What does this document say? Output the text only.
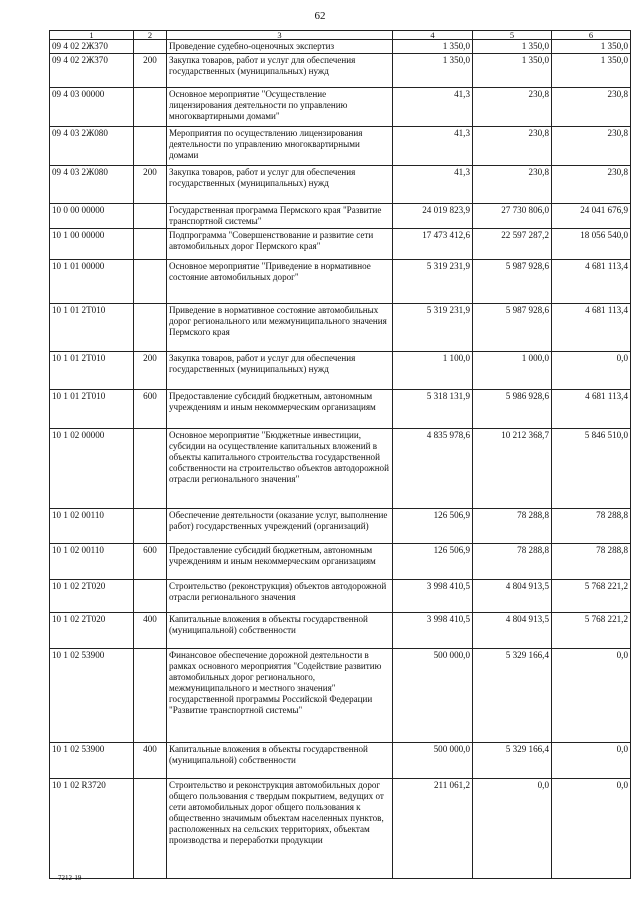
62
1	2	3	4	5	6
09 4 02 2Ж370		Проведение судебно-оценочных экспертиз	1 350,0	1 350,0	1 350,0
09 4 02 2Ж370	200	Закупка товаров, работ и услуг для обеспечения государственных (муниципальных) нужд	1 350,0	1 350,0	1 350,0
09 4 03 00000		Основное мероприятие "Осуществление лицензирования деятельности по управлению многоквартирными домами"	41,3	230,8	230,8
09 4 03 2Ж080		Мероприятия по осуществлению лицензирования деятельности по управлению многоквартирными домами	41,3	230,8	230,8
09 4 03 2Ж080	200	Закупка товаров, работ и услуг для обеспечения государственных (муниципальных) нужд	41,3	230,8	230,8
10 0 00 00000		Государственная программа Пермского края "Развитие транспортной системы"	24 019 823,9	27 730 806,0	24 041 676,9
10 1 00 00000		Подпрограмма "Совершенствование и развитие сети автомобильных дорог Пермского края"	17 473 412,6	22 597 287,2	18 056 540,0
10 1 01 00000		Основное мероприятие "Приведение в нормативное состояние автомобильных дорог"	5 319 231,9	5 987 928,6	4 681 113,4
10 1 01 2Т010		Приведение в нормативное состояние автомобильных дорог регионального или межмуниципального значения Пермского края	5 319 231,9	5 987 928,6	4 681 113,4
10 1 01 2Т010	200	Закупка товаров, работ и услуг для обеспечения государственных (муниципальных) нужд	1 100,0	1 000,0	0,0
10 1 01 2Т010	600	Предоставление субсидий бюджетным, автономным учреждениям и иным некоммерческим организациям	5 318 131,9	5 986 928,6	4 681 113,4
10 1 02 00000		Основное мероприятие "Бюджетные инвестиции, субсидии на осуществление капитальных вложений в объекты капитального строительства государственной собственности на строительство объектов автодорожной отрасли регионального значения"	4 835 978,6	10 212 368,7	5 846 510,0
10 1 02 00110		Обеспечение деятельности (оказание услуг, выполнение работ) государственных учреждений (организаций)	126 506,9	78 288,8	78 288,8
10 1 02 00110	600	Предоставление субсидий бюджетным, автономным учреждениям и иным некоммерческим организациям	126 506,9	78 288,8	78 288,8
10 1 02 2Т020		Строительство (реконструкция) объектов автодорожной отрасли регионального значения	3 998 410,5	4 804 913,5	5 768 221,2
10 1 02 2Т020	400	Капитальные вложения в объекты государственной (муниципальной) собственности	3 998 410,5	4 804 913,5	5 768 221,2
10 1 02 53900		Финансовое обеспечение дорожной деятельности в рамках основного мероприятия "Содействие развитию автомобильных дорог регионального, межмуниципального и местного значения" государственной программы Российской Федерации "Развитие транспортной системы"	500 000,0	5 329 166,4	0,0
10 1 02 53900	400	Капитальные вложения в объекты государственной (муниципальной) собственности	500 000,0	5 329 166,4	0,0
10 1 02 R3720		Строительство и реконструкция автомобильных дорог общего пользования с твердым покрытием, ведущих от сети автомобильных дорог общего пользования к общественно значимым объектам населенных пунктов, расположенных на сельских территориях, объектам производства и переработки продукции	211 061,2	0,0	0,0
7212-19
